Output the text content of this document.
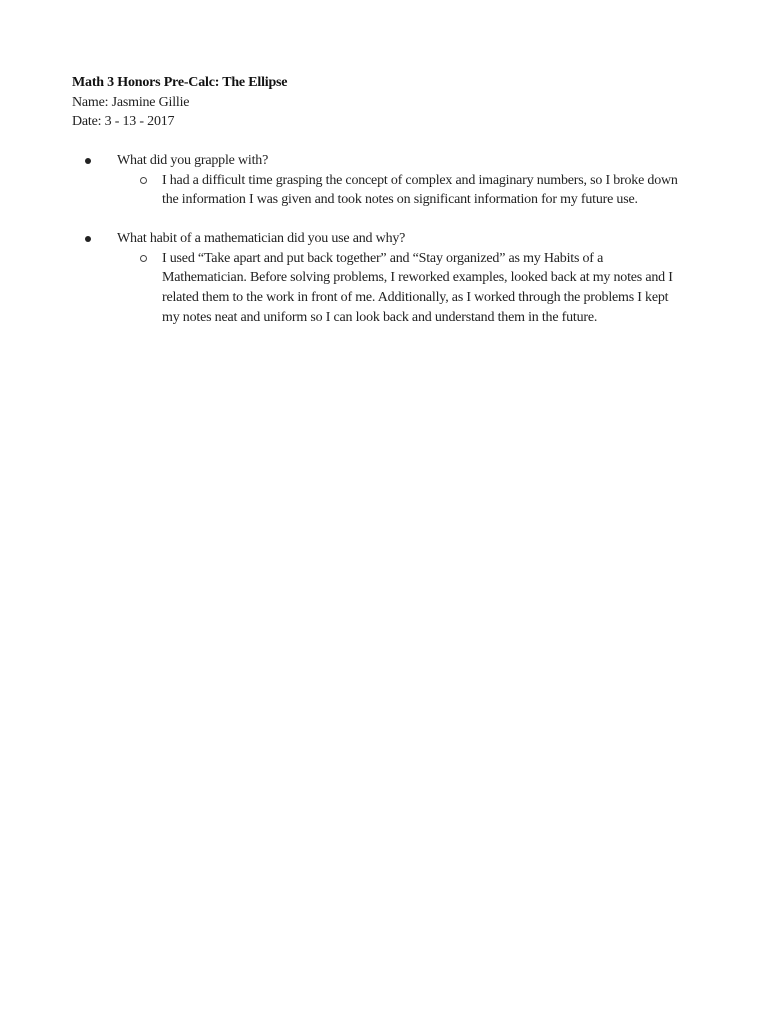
Math 3 Honors Pre-Calc: The Ellipse
Name: Jasmine Gillie
Date: 3 - 13 - 2017
What did you grapple with?
I had a difficult time grasping the concept of complex and imaginary numbers, so I broke down
the information I was given and took notes on significant information for my future use.
What habit of a mathematician did you use and why?
I used “Take apart and put back together” and “Stay organized” as my Habits of a
Mathematician. Before solving problems, I reworked examples, looked back at my notes and I
related them to the work in front of me. Additionally, as I worked through the problems I kept
my notes neat and uniform so I can look back and understand them in the future.
